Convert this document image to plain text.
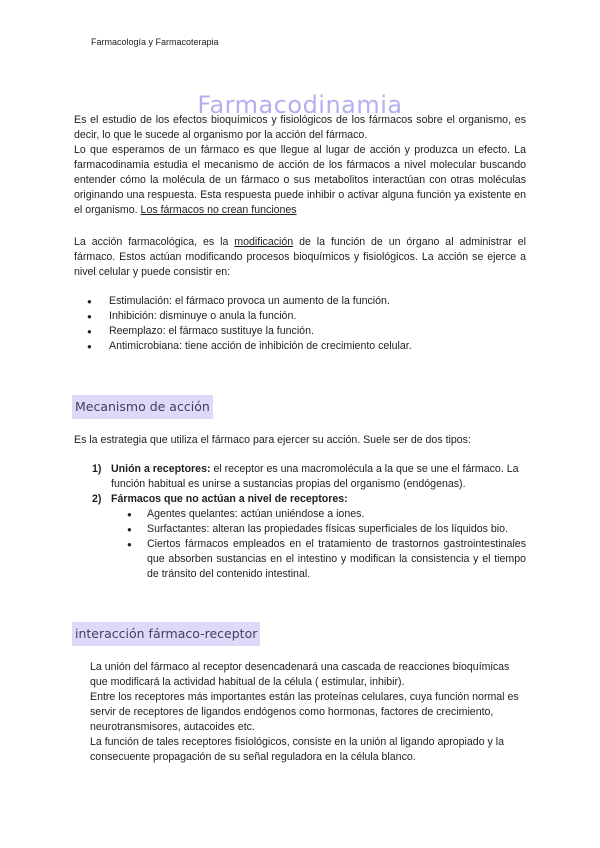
Farmacología y Farmacoterapia
Farmacodinamia

Es el estudio de los efectos bioquímicos y fisiológicos de los fármacos sobre el organismo, es decir, lo que le sucede al organismo por la acción del fármaco.

Lo que esperamos de un fármaco es que llegue al lugar de acción y produzca un efecto. La farmacodinamia estudia el mecanismo de acción de los fármacos a nivel molecular buscando entender cómo la molécula de un fármaco o sus metabolitos interactúan con otras moléculas originando una respuesta. Esta respuesta puede inhibir o activar alguna función ya existente en el organismo. Los fármacos no crean funciones

La acción farmacológica, es la modificación de la función de un órgano al administrar el fármaco. Estos actúan modificando procesos bioquímicos y fisiológicos. La acción se ejerce a nivel celular y puede consistir en:

● Estimulación: el fármaco provoca un aumento de la función.
● Inhibición: disminuye o anula la función.
● Reemplazo: el fármaco sustituye la función.
● Antimicrobiana: tiene acción de inhibición de crecimiento celular.
Mecanismo de acción

Es la estrategia que utiliza el fármaco para ejercer su acción. Suele ser de dos tipos:

1) Unión a receptores: el receptor es una macromolécula a la que se une el fármaco. La función habitual es unirse a sustancias propias del organismo (endógenas).
2) Fármacos que no actúan a nivel de receptores:
● Agentes quelantes: actúan uniéndose a iones.
● Surfactantes: alteran las propiedades físicas superficiales de los líquidos bio.
● Ciertos fármacos empleados en el tratamiento de trastornos gastrointestinales que absorben sustancias en el intestino y modifican la consistencia y el tiempo de tránsito del contenido intestinal.
interacción fármaco-receptor

La unión del fármaco al receptor desencadenará una cascada de reacciones bioquímicas que modificará la actividad habitual de la célula ( estimular, inhibir).

Entre los receptores más importantes están las proteínas celulares, cuya función normal es servir de receptores de ligandos endógenos como hormonas, factores de crecimiento, neurotransmisores, autacoides etc.

La función de tales receptores fisiológicos, consiste en la unión al ligando apropiado y la consecuente propagación de su señal reguladora en la célula blanco.
